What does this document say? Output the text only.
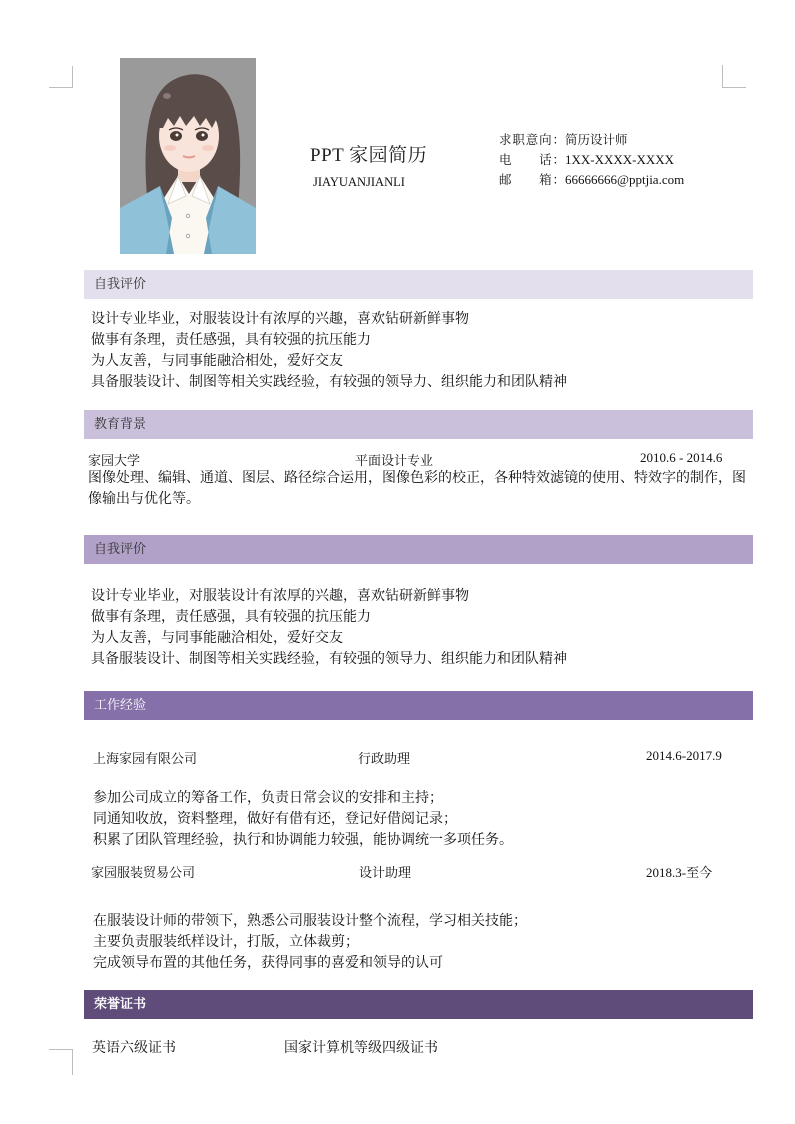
PPT 家园简历
JIAYUANJIANLI
求职意向： 简历设计师
电　　话： 1XX-XXXX-XXXX
邮　　箱： 66666666@pptjia.com
自我评价
设计专业毕业，对服装设计有浓厚的兴趣，喜欢钻研新鲜事物
做事有条理，责任感强，具有较强的抗压能力
为人友善，与同事能融洽相处，爱好交友
具备服装设计、制图等相关实践经验，有较强的领导力、组织能力和团队精神
教育背景
家园大学	平面设计专业	2010.6 - 2014.6
图像处理、编辑、通道、图层、路径综合运用，图像色彩的校正，各种特效滤镜的使用、特效字的制作，图像输出与优化等。
自我评价
设计专业毕业，对服装设计有浓厚的兴趣，喜欢钻研新鲜事物
做事有条理，责任感强，具有较强的抗压能力
为人友善，与同事能融洽相处，爱好交友
具备服装设计、制图等相关实践经验，有较强的领导力、组织能力和团队精神
工作经验
上海家园有限公司	行政助理	2014.6-2017.9
参加公司成立的筹备工作，负责日常会议的安排和主持；
同通知收放，资料整理，做好有借有还，登记好借阅记录；
积累了团队管理经验，执行和协调能力较强，能协调统一多项任务。
家园服装贸易公司	设计助理	2018.3-至今
在服装设计师的带领下，熟悉公司服装设计整个流程，学习相关技能；
主要负责服装纸样设计，打版，立体裁剪；
完成领导布置的其他任务，获得同事的喜爱和领导的认可
荣誉证书
英语六级证书	国家计算机等级四级证书
